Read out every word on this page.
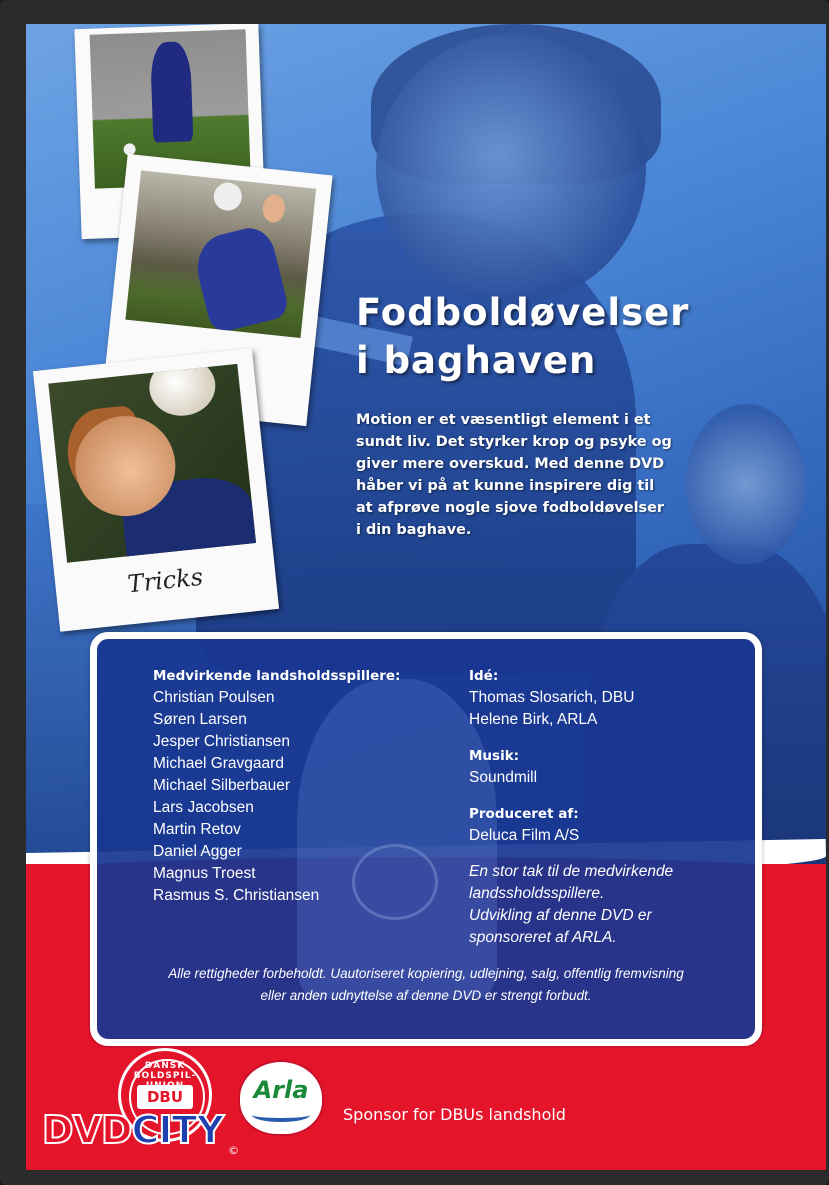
Tricks
Fodboldøvelser
i baghaven
Motion er et væsentligt element i et
sundt liv. Det styrker krop og psyke og
giver mere overskud. Med denne DVD
håber vi på at kunne inspirere dig til
at afprøve nogle sjove fodboldøvelser
i din baghave.
Medvirkende landsholdsspillere:
Christian Poulsen
Søren Larsen
Jesper Christiansen
Michael Gravgaard
Michael Silberbauer
Lars Jacobsen
Martin Retov
Daniel Agger
Magnus Troest
Rasmus S. Christiansen
Idé:
Thomas Slosarich, DBU
Helene Birk, ARLA
Musik:
Soundmill
Produceret af:
Deluca Film A/S
En stor tak til de medvirkende
landssholdsspillere.
Udvikling af denne DVD er
sponsoreret af ARLA.
Alle rettigheder forbeholdt. Uautoriseret kopiering, udlejning, salg, offentlig fremvisning
eller anden udnyttelse af denne DVD er strengt forbudt.
DANSK BOLDSPIL-
DBU	Arla
Sponsor for DBUs landshold
DVDCITY ©
